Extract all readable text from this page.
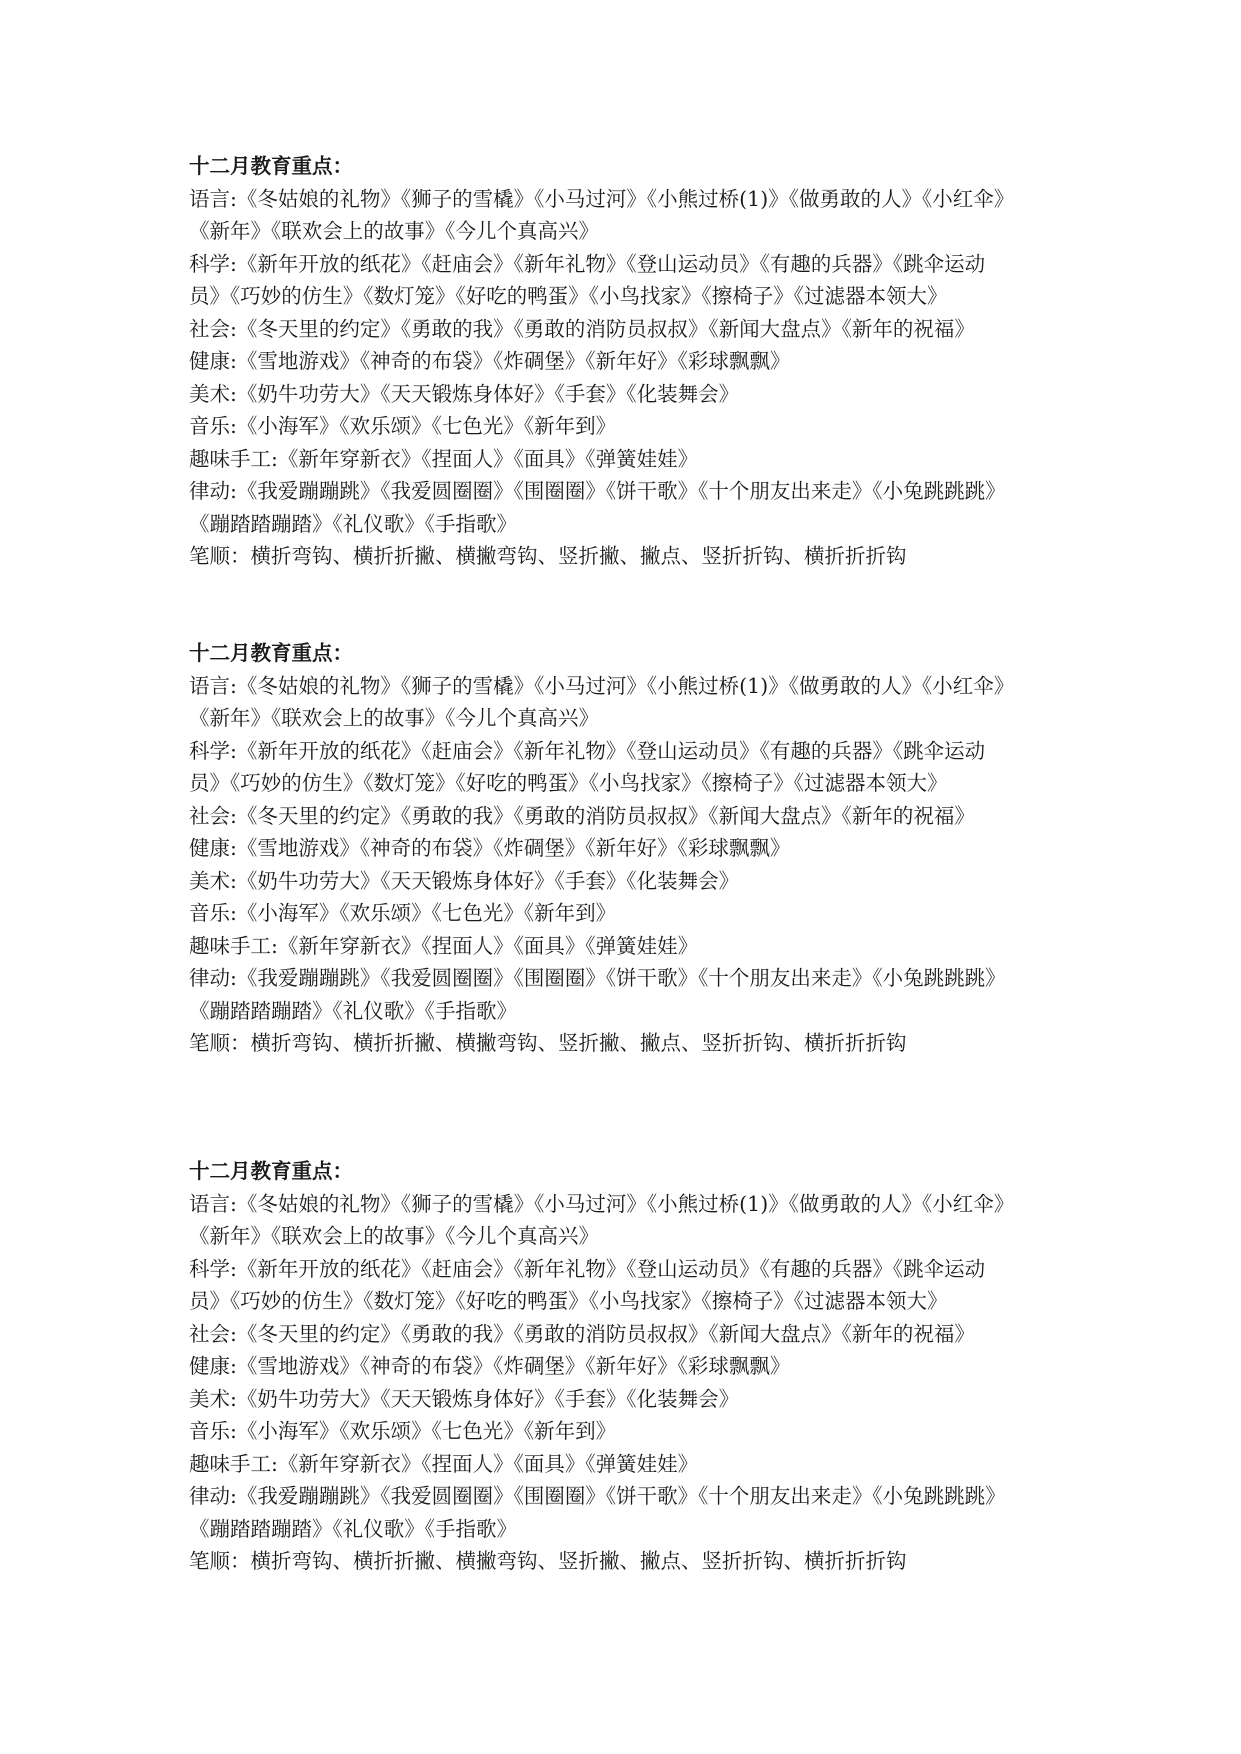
十二月教育重点：
语言:《冬姑娘的礼物》《狮子的雪橇》《小马过河》《小熊过桥(1)》《做勇敢的人》《小红伞》
《新年》《联欢会上的故事》《今儿个真高兴》
科学:《新年开放的纸花》《赶庙会》《新年礼物》《登山运动员》《有趣的兵器》《跳伞运动
员》《巧妙的仿生》《数灯笼》《好吃的鸭蛋》《小鸟找家》《擦椅子》《过滤器本领大》
社会:《冬天里的约定》《勇敢的我》《勇敢的消防员叔叔》《新闻大盘点》《新年的祝福》
健康:《雪地游戏》《神奇的布袋》《炸碉堡》《新年好》《彩球飘飘》
美术:《奶牛功劳大》《天天锻炼身体好》《手套》《化装舞会》
音乐:《小海军》《欢乐颂》《七色光》《新年到》
趣味手工:《新年穿新衣》《捏面人》《面具》《弹簧娃娃》
律动:《我爱蹦蹦跳》《我爱圆圈圈》《围圈圈》《饼干歌》《十个朋友出来走》《小兔跳跳跳》
《蹦踏踏蹦踏》《礼仪歌》《手指歌》
笔顺：横折弯钩、横折折撇、横撇弯钩、竖折撇、撇点、竖折折钩、横折折折钩
十二月教育重点：
语言:《冬姑娘的礼物》《狮子的雪橇》《小马过河》《小熊过桥(1)》《做勇敢的人》《小红伞》
《新年》《联欢会上的故事》《今儿个真高兴》
科学:《新年开放的纸花》《赶庙会》《新年礼物》《登山运动员》《有趣的兵器》《跳伞运动
员》《巧妙的仿生》《数灯笼》《好吃的鸭蛋》《小鸟找家》《擦椅子》《过滤器本领大》
社会:《冬天里的约定》《勇敢的我》《勇敢的消防员叔叔》《新闻大盘点》《新年的祝福》
健康:《雪地游戏》《神奇的布袋》《炸碉堡》《新年好》《彩球飘飘》
美术:《奶牛功劳大》《天天锻炼身体好》《手套》《化装舞会》
音乐:《小海军》《欢乐颂》《七色光》《新年到》
趣味手工:《新年穿新衣》《捏面人》《面具》《弹簧娃娃》
律动:《我爱蹦蹦跳》《我爱圆圈圈》《围圈圈》《饼干歌》《十个朋友出来走》《小兔跳跳跳》
《蹦踏踏蹦踏》《礼仪歌》《手指歌》
笔顺：横折弯钩、横折折撇、横撇弯钩、竖折撇、撇点、竖折折钩、横折折折钩
十二月教育重点：
语言:《冬姑娘的礼物》《狮子的雪橇》《小马过河》《小熊过桥(1)》《做勇敢的人》《小红伞》
《新年》《联欢会上的故事》《今儿个真高兴》
科学:《新年开放的纸花》《赶庙会》《新年礼物》《登山运动员》《有趣的兵器》《跳伞运动
员》《巧妙的仿生》《数灯笼》《好吃的鸭蛋》《小鸟找家》《擦椅子》《过滤器本领大》
社会:《冬天里的约定》《勇敢的我》《勇敢的消防员叔叔》《新闻大盘点》《新年的祝福》
健康:《雪地游戏》《神奇的布袋》《炸碉堡》《新年好》《彩球飘飘》
美术:《奶牛功劳大》《天天锻炼身体好》《手套》《化装舞会》
音乐:《小海军》《欢乐颂》《七色光》《新年到》
趣味手工:《新年穿新衣》《捏面人》《面具》《弹簧娃娃》
律动:《我爱蹦蹦跳》《我爱圆圈圈》《围圈圈》《饼干歌》《十个朋友出来走》《小兔跳跳跳》
《蹦踏踏蹦踏》《礼仪歌》《手指歌》
笔顺：横折弯钩、横折折撇、横撇弯钩、竖折撇、撇点、竖折折钩、横折折折钩
